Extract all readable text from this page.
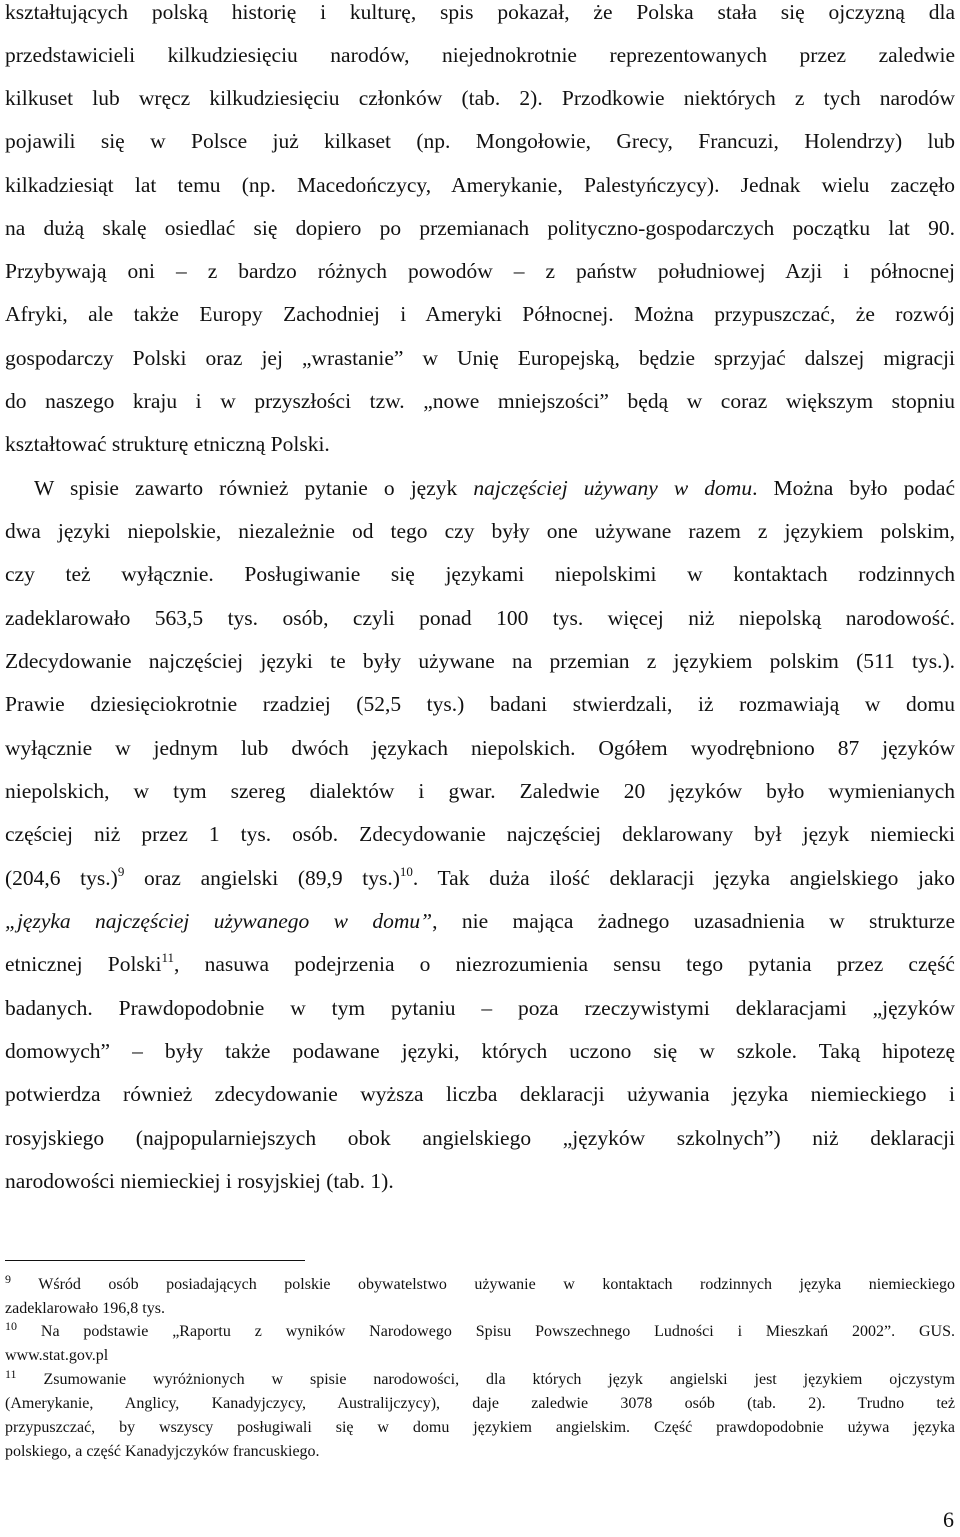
kształtujących polską historię i kulturę, spis pokazał, że Polska stała się ojczyzną dla
przedstawicieli kilkudziesięciu narodów, niejednokrotnie reprezentowanych przez zaledwie
kilkuset lub wręcz kilkudziesięciu członków (tab. 2). Przodkowie niektórych z tych narodów
pojawili się w Polsce już kilkaset (np. Mongołowie, Grecy, Francuzi, Holendrzy) lub
kilkadziesiąt lat temu (np. Macedończycy, Amerykanie, Palestyńczycy). Jednak wielu zaczęło
na dużą skalę osiedlać się dopiero po przemianach polityczno-gospodarczych początku lat 90.
Przybywają oni – z bardzo różnych powodów – z państw południowej Azji i północnej
Afryki, ale także Europy Zachodniej i Ameryki Północnej. Można przypuszczać, że rozwój
gospodarczy Polski oraz jej „wrastanie” w Unię Europejską, będzie sprzyjać dalszej migracji
do naszego kraju i w przyszłości tzw. „nowe mniejszości” będą w coraz większym stopniu
kształtować strukturę etniczną Polski.
W spisie zawarto również pytanie o język najczęściej używany w domu. Można było podać
dwa języki niepolskie, niezależnie od tego czy były one używane razem z językiem polskim,
czy też wyłącznie. Posługiwanie się językami niepolskimi w kontaktach rodzinnych
zadeklarowało 563,5 tys. osób, czyli ponad 100 tys. więcej niż niepolską narodowość.
Zdecydowanie najczęściej języki te były używane na przemian z językiem polskim (511 tys.).
Prawie dziesięciokrotnie rzadziej (52,5 tys.) badani stwierdzali, iż rozmawiają w domu
wyłącznie w jednym lub dwóch językach niepolskich. Ogółem wyodrębniono 87 języków
niepolskich, w tym szereg dialektów i gwar. Zaledwie 20 języków było wymienianych
częściej niż przez 1 tys. osób. Zdecydowanie najczęściej deklarowany był język niemiecki
(204,6 tys.)$^9$ oraz angielski (89,9 tys.)$^{10}$. Tak duża ilość deklaracji języka angielskiego jako
„języka najczęściej używanego w domu”, nie mająca żadnego uzasadnienia w strukturze
etnicznej Polski$^{11}$, nasuwa podejrzenia o niezrozumienia sensu tego pytania przez część
badanych. Prawdopodobnie w tym pytaniu – poza rzeczywistymi deklaracjami „języków
domowych” – były także podawane języki, których uczono się w szkole. Taką hipotezę
potwierdza również zdecydowanie wyższa liczba deklaracji używania języka niemieckiego i
rosyjskiego (najpopularniejszych obok angielskiego „języków szkolnych”) niż deklaracji
narodowości niemieckiej i rosyjskiej (tab. 1).
$^9$ Wśród osób posiadających polskie obywatelstwo używanie w kontaktach rodzinnych języka niemieckiego
zadeklarowało 196,8 tys.
$^{10}$ Na podstawie „Raportu z wyników Narodowego Spisu Powszechnego Ludności i Mieszkań 2002”. GUS.
www.stat.gov.pl
$^{11}$ Zsumowanie wyróżnionych w spisie narodowości, dla których język angielski jest językiem ojczystym
(Amerykanie, Anglicy, Kanadyjczycy, Australijczycy), daje zaledwie 3078 osób (tab. 2). Trudno też
przypuszczać, by wszyscy posługiwali się w domu językiem angielskim. Część prawdopodobnie używa języka
polskiego, a część Kanadyjczyków francuskiego.
6
